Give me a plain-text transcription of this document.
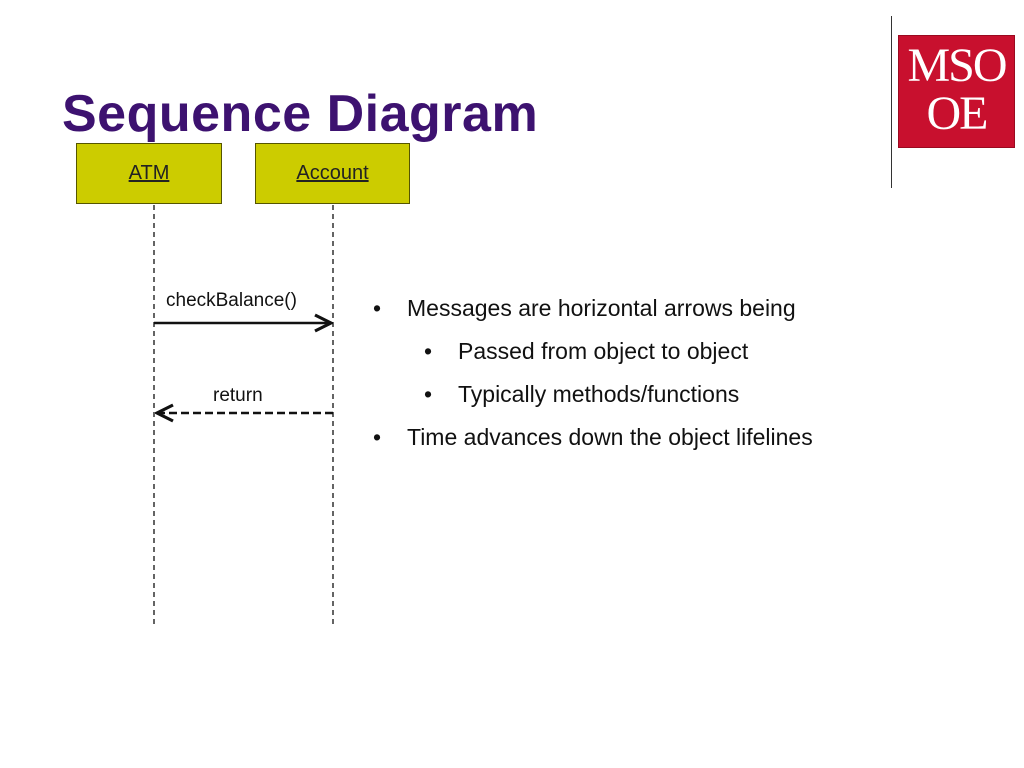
Sequence Diagram
MSO
OE
ATM	Account
checkBalance()
return
• Messages are horizontal arrows being
• Passed from object to object
• Typically methods/functions
• Time advances down the object lifelines
